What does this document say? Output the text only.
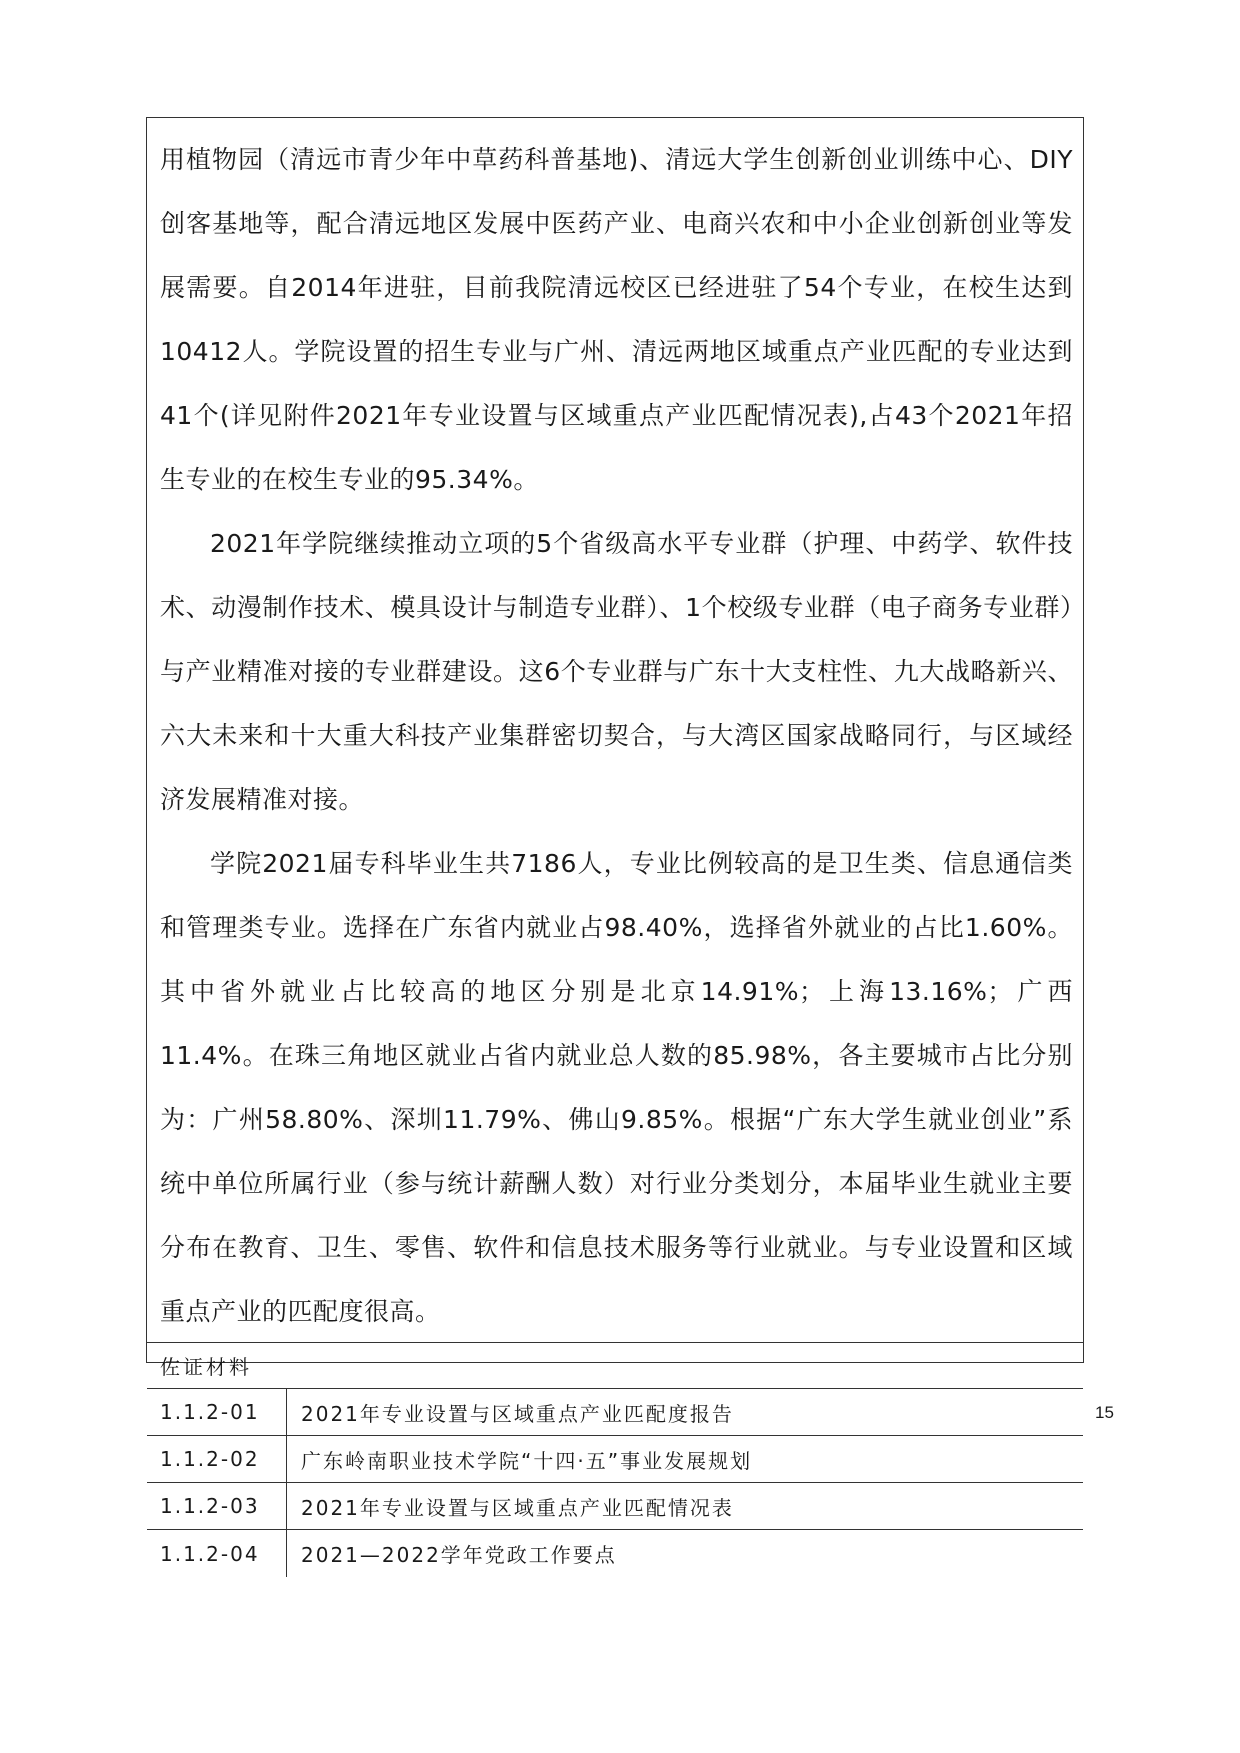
用植物园（清远市青少年中草药科普基地)、清远大学生创新创业训练中心、DIY创客基地等，配合清远地区发展中医药产业、电商兴农和中小企业创新创业等发展需要。自2014年进驻，目前我院清远校区已经进驻了54个专业，在校生达到10412人。学院设置的招生专业与广州、清远两地区域重点产业匹配的专业达到41个(详见附件2021年专业设置与区域重点产业匹配情况表),占43个2021年招生专业的在校生专业的95.34%。

2021年学院继续推动立项的5个省级高水平专业群（护理、中药学、软件技术、动漫制作技术、模具设计与制造专业群）、1个校级专业群（电子商务专业群）与产业精准对接的专业群建设。这6个专业群与广东十大支柱性、九大战略新兴、六大未来和十大重大科技产业集群密切契合，与大湾区国家战略同行，与区域经济发展精准对接。

学院2021届专科毕业生共7186人，专业比例较高的是卫生类、信息通信类和管理类专业。选择在广东省内就业占98.40%，选择省外就业的占比1.60%。其中省外就业占比较高的地区分别是北京14.91%；上海13.16%；广西11.4%。在珠三角地区就业占省内就业总人数的85.98%，各主要城市占比分别为：广州58.80%、深圳11.79%、佛山9.85%。根据“广东大学生就业创业”系统中单位所属行业（参与统计薪酬人数）对行业分类划分，本届毕业生就业主要分布在教育、卫生、零售、软件和信息技术服务等行业就业。与专业设置和区域重点产业的匹配度很高。

佐证材料
1.1.2-01	2021年专业设置与区域重点产业匹配度报告
1.1.2-02	广东岭南职业技术学院“十四·五”事业发展规划
1.1.2-03	2021年专业设置与区域重点产业匹配情况表
1.1.2-04	2021—2022学年党政工作要点
15
